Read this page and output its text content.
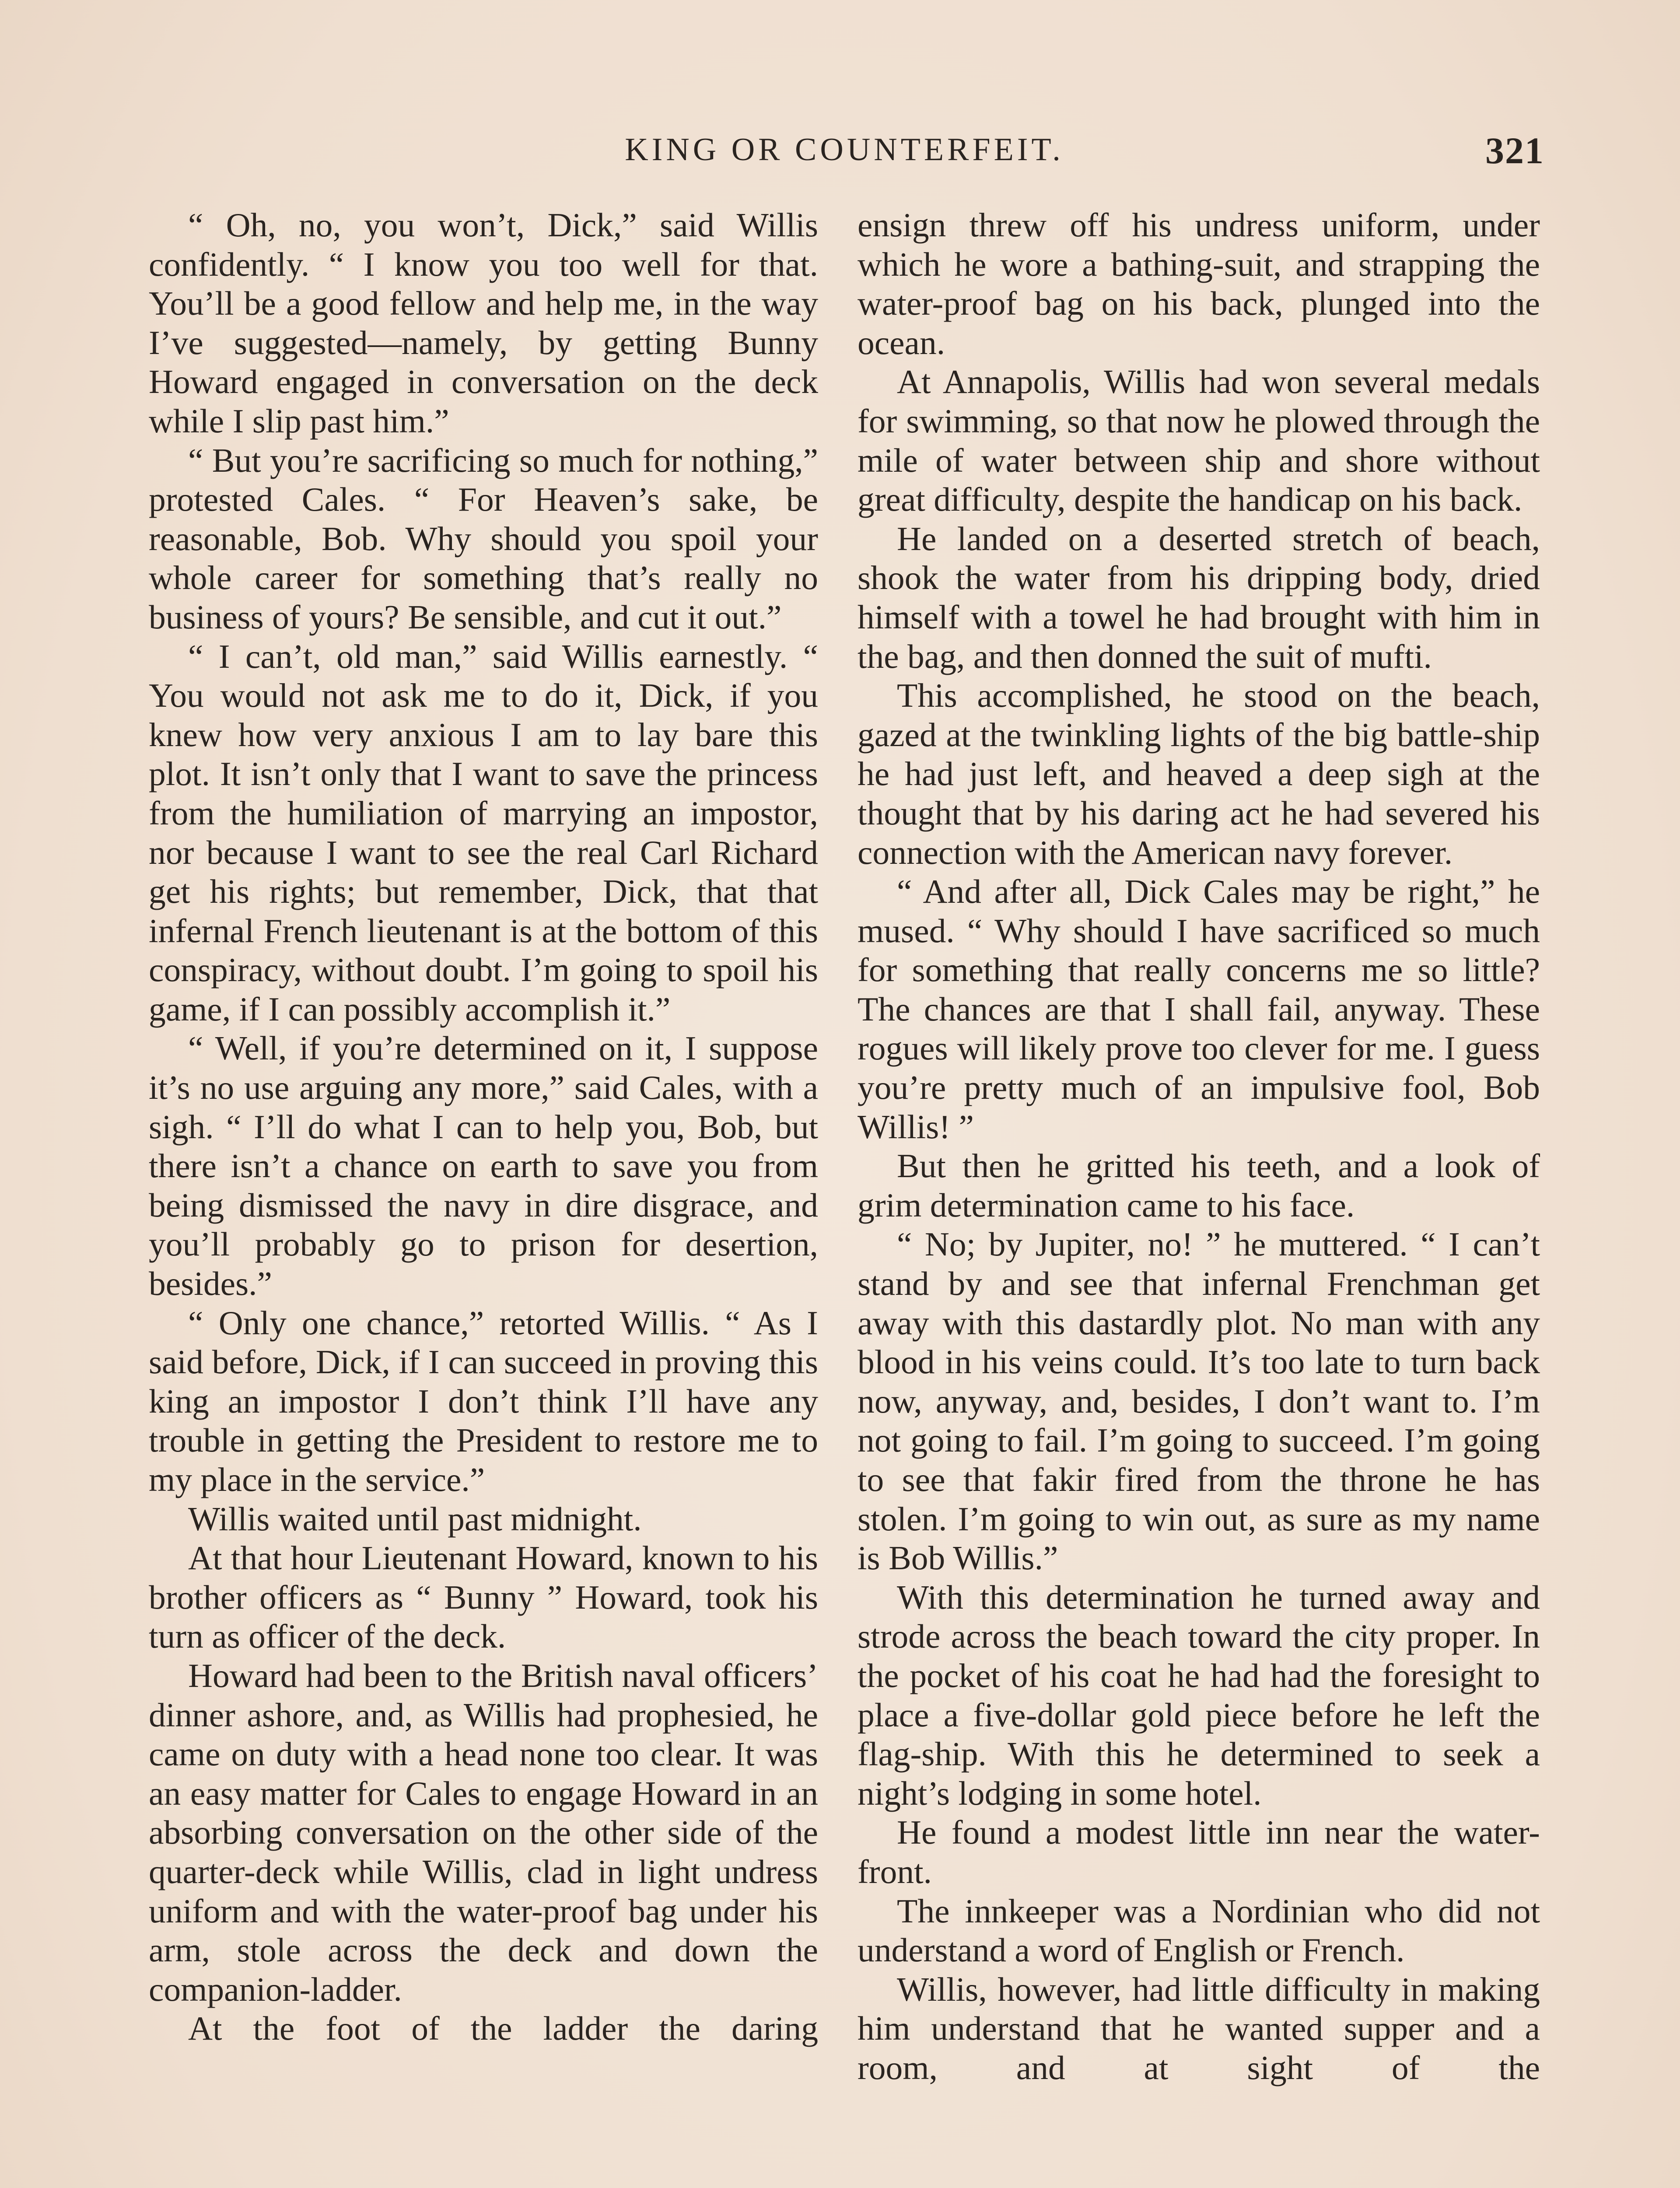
KING OR COUNTERFEIT.	321

“ Oh, no, you won’t, Dick,” said Willis confidently. “ I know you too well for that. You’ll be a good fellow and help me, in the way I’ve suggested—namely, by getting Bunny Howard engaged in conversation on the deck while I slip past him.”

“ But you’re sacrificing so much for nothing,” protested Cales. “ For Heaven’s sake, be reasonable, Bob. Why should you spoil your whole career for something that’s really no business of yours? Be sensible, and cut it out.”

“ I can’t, old man,” said Willis earnestly. “ You would not ask me to do it, Dick, if you knew how very anxious I am to lay bare this plot. It isn’t only that I want to save the princess from the humiliation of marrying an impostor, nor because I want to see the real Carl Richard get his rights; but remember, Dick, that that infernal French lieutenant is at the bottom of this conspiracy, without doubt. I’m going to spoil his game, if I can possibly accomplish it.”

“ Well, if you’re determined on it, I suppose it’s no use arguing any more,” said Cales, with a sigh. “ I’ll do what I can to help you, Bob, but there isn’t a chance on earth to save you from being dismissed the navy in dire disgrace, and you’ll probably go to prison for desertion, besides.”

“ Only one chance,” retorted Willis. “ As I said before, Dick, if I can succeed in proving this king an impostor I don’t think I’ll have any trouble in getting the President to restore me to my place in the service.”

Willis waited until past midnight.

At that hour Lieutenant Howard, known to his brother officers as “ Bunny ” Howard, took his turn as officer of the deck.

Howard had been to the British naval officers’ dinner ashore, and, as Willis had prophesied, he came on duty with a head none too clear. It was an easy matter for Cales to engage Howard in an absorbing conversation on the other side of the quarter-deck while Willis, clad in light undress uniform and with the water-proof bag under his arm, stole across the deck and down the companion-ladder.

At the foot of the ladder the daring

ensign threw off his undress uniform, under which he wore a bathing-suit, and strapping the water-proof bag on his back, plunged into the ocean.

At Annapolis, Willis had won several medals for swimming, so that now he plowed through the mile of water between ship and shore without great difficulty, despite the handicap on his back.

He landed on a deserted stretch of beach, shook the water from his dripping body, dried himself with a towel he had brought with him in the bag, and then donned the suit of mufti.

This accomplished, he stood on the beach, gazed at the twinkling lights of the big battle-ship he had just left, and heaved a deep sigh at the thought that by his daring act he had severed his connection with the American navy forever.

“ And after all, Dick Cales may be right,” he mused. “ Why should I have sacrificed so much for something that really concerns me so little? The chances are that I shall fail, anyway. These rogues will likely prove too clever for me. I guess you’re pretty much of an impulsive fool, Bob Willis! ”

But then he gritted his teeth, and a look of grim determination came to his face.

“ No; by Jupiter, no! ” he muttered. “ I can’t stand by and see that infernal Frenchman get away with this dastardly plot. No man with any blood in his veins could. It’s too late to turn back now, anyway, and, besides, I don’t want to. I’m not going to fail. I’m going to succeed. I’m going to see that fakir fired from the throne he has stolen. I’m going to win out, as sure as my name is Bob Willis.”

With this determination he turned away and strode across the beach toward the city proper. In the pocket of his coat he had had the foresight to place a five-dollar gold piece before he left the flag-ship. With this he determined to seek a night’s lodging in some hotel.

He found a modest little inn near the water-front.

The innkeeper was a Nordinian who did not understand a word of English or French.

Willis, however, had little difficulty in making him understand that he wanted supper and a room, and at sight of the
